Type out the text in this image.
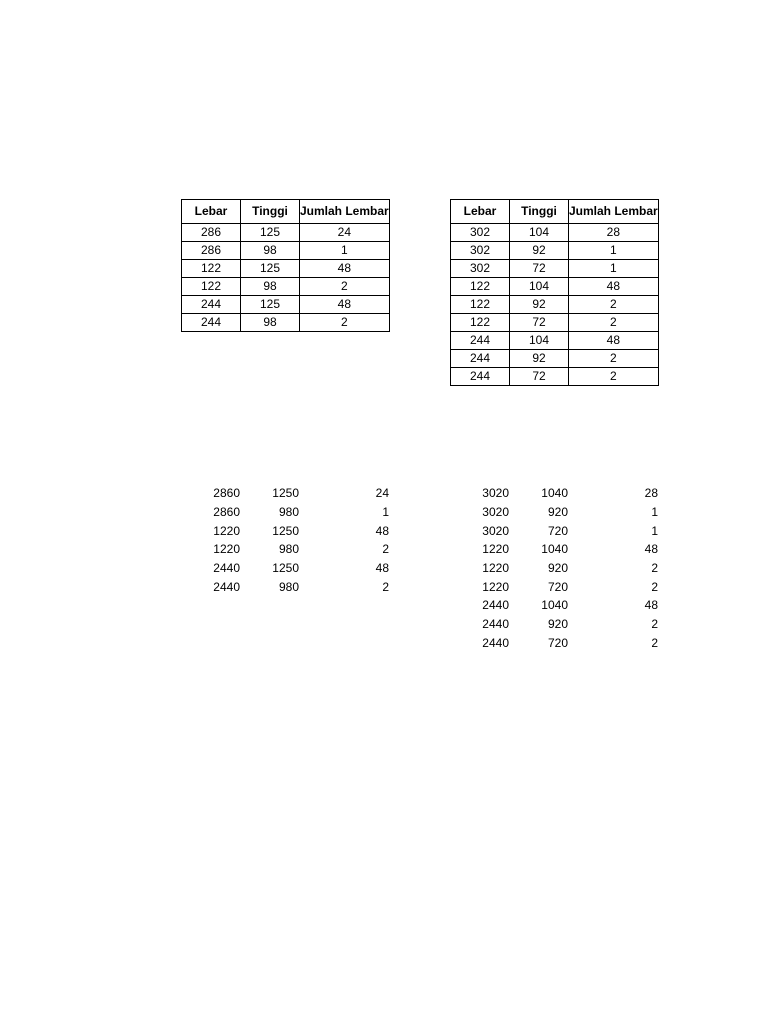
Lebar	Tinggi	Jumlah Lembar
286	125	24
286	98	1
122	125	48
122	98	2
244	125	48
244	98	2
Lebar	Tinggi	Jumlah Lembar
302	104	28
302	92	1
302	72	1
122	104	48
122	92	2
122	72	2
244	104	48
244	92	2
244	72	2
2860	1250	24
2860	980	1
1220	1250	48
1220	980	2
2440	1250	48
2440	980	2
3020	1040	28
3020	920	1
3020	720	1
1220	1040	48
1220	920	2
1220	720	2
2440	1040	48
2440	920	2
2440	720	2
